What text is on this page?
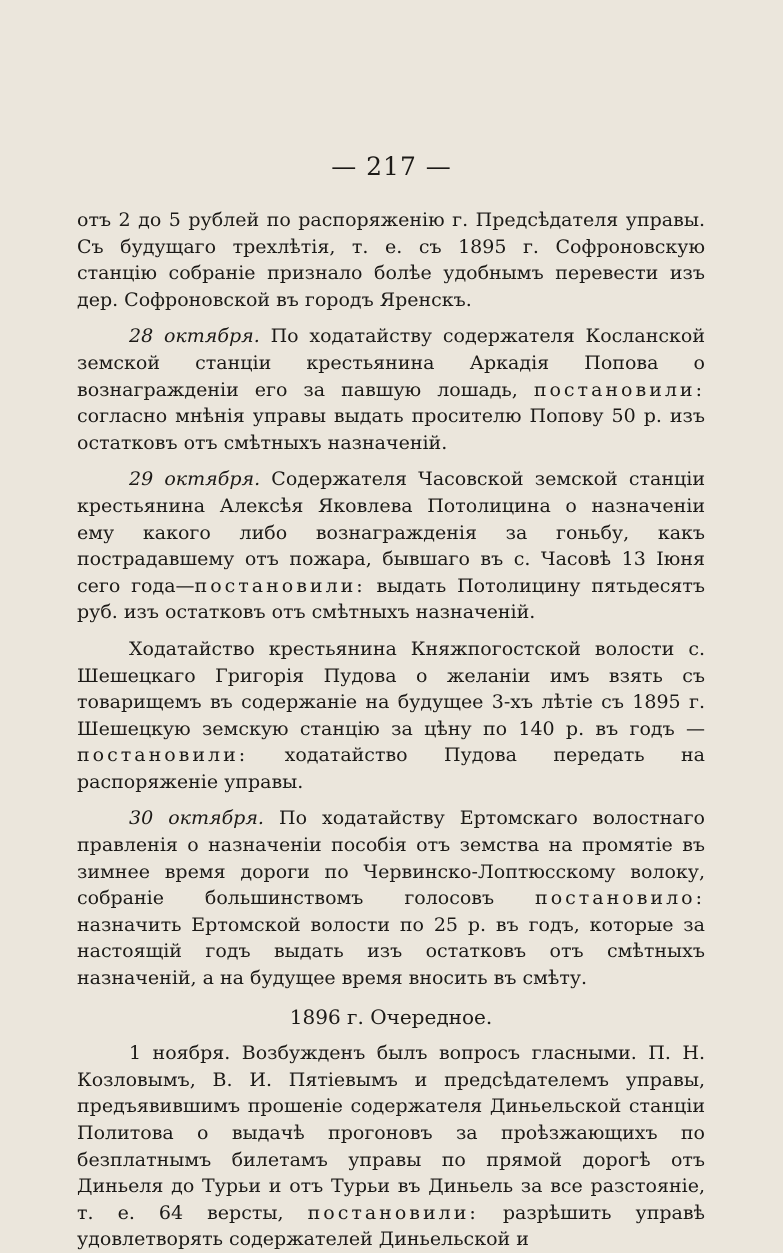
— 217 —

отъ 2 до 5 рублей по распоряженію г. Предсѣдателя управы. Съ будущаго трехлѣтія, т. е. съ 1895 г. Софроновскую станцію собраніе признало болѣе удобнымъ перевести изъ дер. Софроновской въ городъ Яренскъ.

28 октября. По ходатайству содержателя Косланской земской станціи крестьянина Аркадія Попова о вознагражденіи его за павшую лошадь, постановили: согласно мнѣнія управы выдать просителю Попову 50 р. изъ остатковъ отъ смѣтныхъ назначеній.

29 октября. Содержателя Часовской земской станціи крестьянина Алексѣя Яковлева Потолицина о назначеніи ему какого либо вознагражденія за гоньбу, какъ пострадавшему отъ пожара, бывшаго въ с. Часовѣ 13 Іюня сего года—постановили: выдать Потолицину пятьдесятъ руб. изъ остатковъ отъ смѣтныхъ назначеній.

Ходатайство крестьянина Княжпогостской волости с. Шешецкаго Григорія Пудова о желаніи имъ взять съ товарищемъ въ содержаніе на будущее 3-хъ лѣтіе съ 1895 г. Шешецкую земскую станцію за цѣну по 140 р. въ годъ — постановили: ходатайство Пудова передать на распоряженіе управы.

30 октября. По ходатайству Ертомскаго волостнаго правленія о назначеніи пособія отъ земства на промятіе въ зимнее время дороги по Червинско-Лоптюсскому волоку, собраніе большинствомъ голосовъ постановило: назначить Ертомской волости по 25 р. въ годъ, которые за настоящій годъ выдать изъ остатковъ отъ смѣтныхъ назначеній, а на будущее время вносить въ смѣту.

1896 г. Очередное.

1 ноября. Возбужденъ былъ вопросъ гласными. П. Н. Козловымъ, В. И. Пятіевымъ и предсѣдателемъ управы, предъявившимъ прошеніе содержателя Диньельской станціи Политова о выдачѣ прогоновъ за проѣзжающихъ по безплатнымъ билетамъ управы по прямой дорогѣ отъ Диньеля до Турьи и отъ Турьи въ Диньель за все разстояніе, т. е. 64 версты, постановили: разрѣшить управѣ удовлетворять содержателей Диньельской и
